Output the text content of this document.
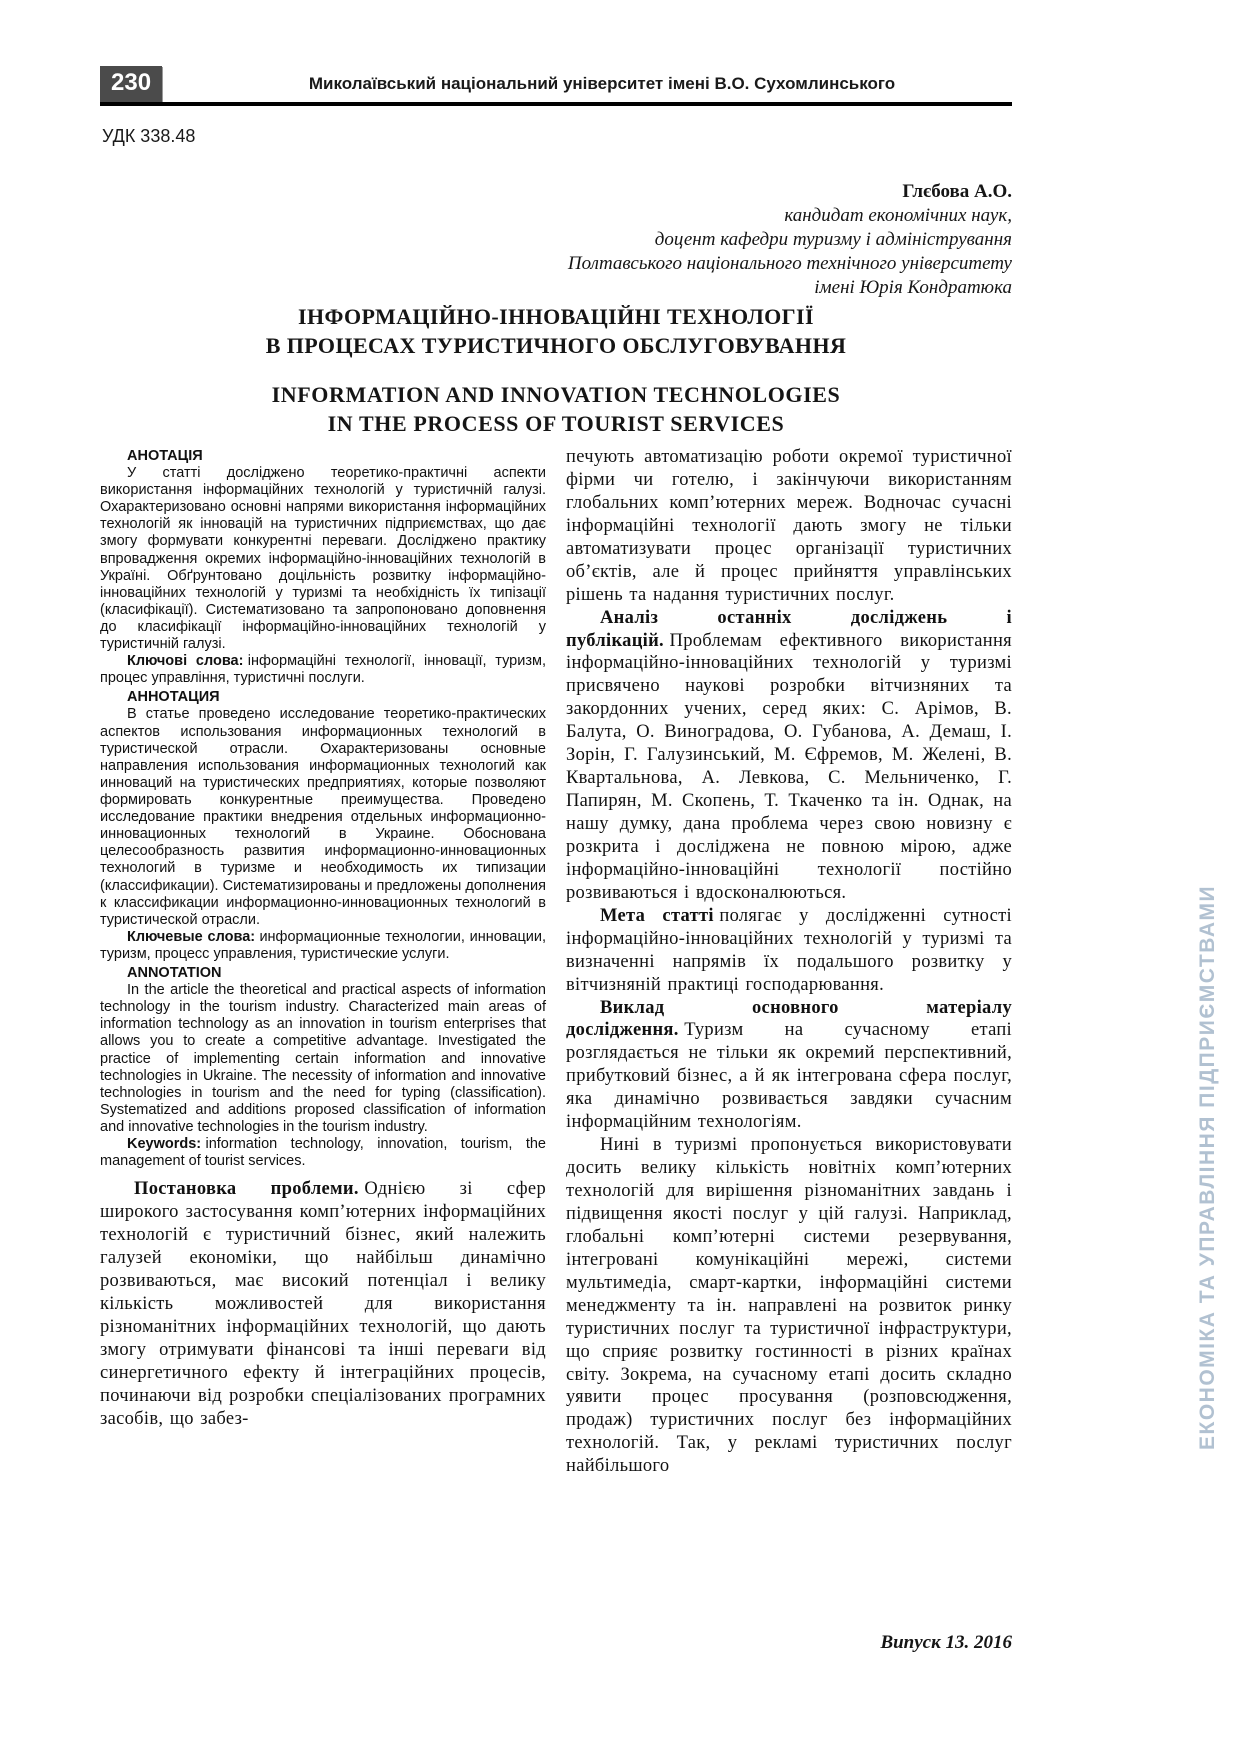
230	Миколаївський національний університет імені В.О. Сухомлинського
УДК 338.48
Глєбова А.О.
кандидат економічних наук,
доцент кафедри туризму і адміністрування
Полтавського національного технічного університету
імені Юрія Кондратюка
ІНФОРМАЦІЙНО-ІННОВАЦІЙНІ ТЕХНОЛОГІЇ
В ПРОЦЕСАХ ТУРИСТИЧНОГО ОБСЛУГОВУВАННЯ
INFORMATION AND INNOVATION TECHNOLOGIES
IN THE PROCESS OF TOURIST SERVICES
АНОТАЦІЯ

У статті досліджено теоретико-практичні аспекти використання інформаційних технологій у туристичній галузі. Охарактеризовано основні напрями використання інформаційних технологій як інновацій на туристичних підприємствах, що дає змогу формувати конкурентні переваги. Досліджено практику впровадження окремих інформаційно-інноваційних технологій в Україні. Обґрунтовано доцільність розвитку інформаційно-інноваційних технологій у туризмі та необхідність їх типізації (класифікації). Систематизовано та запропоновано доповнення до класифікації інформаційно-інноваційних технологій у туристичній галузі.

Ключові слова: інформаційні технології, інновації, туризм, процес управління, туристичні послуги.

АННОТАЦИЯ

В статье проведено исследование теоретико-практических аспектов использования информационных технологий в туристической отрасли. Охарактеризованы основные направления использования информационных технологий как инноваций на туристических предприятиях, которые позволяют формировать конкурентные преимущества. Проведено исследование практики внедрения отдельных информационно-инновационных технологий в Украине. Обоснована целесообразность развития информационно-инновационных технологий в туризме и необходимость их типизации (классификации). Систематизированы и предложены дополнения к классификации информационно-инновационных технологий в туристической отрасли.

Ключевые слова: информационные технологии, инновации, туризм, процесс управления, туристические услуги.

ANNOTATION

In the article the theoretical and practical aspects of information technology in the tourism industry. Characterized main areas of information technology as an innovation in tourism enterprises that allows you to create a competitive advantage. Investigated the practice of implementing certain information and innovative technologies in Ukraine. The necessity of information and innovative technologies in tourism and the need for typing (classification). Systematized and additions proposed classification of information and innovative technologies in the tourism industry.

Keywords: information technology, innovation, tourism, the management of tourist services.

Постановка проблеми. Однією зі сфер широкого застосування комп’ютерних інформаційних технологій є туристичний бізнес, який належить галузей економіки, що найбільш динамічно розвиваються, має високий потенціал і велику кількість можливостей для використання різноманітних інформаційних технологій, що дають змогу отримувати фінансові та інші переваги від синергетичного ефекту й інтеграційних процесів, починаючи від розробки спеціалізованих програмних засобів, що забез-

печують автоматизацію роботи окремої туристичної фірми чи готелю, і закінчуючи використанням глобальних комп’ютерних мереж. Водночас сучасні інформаційні технології дають змогу не тільки автоматизувати процес організації туристичних об’єктів, але й процес прийняття управлінських рішень та надання туристичних послуг.

Аналіз останніх досліджень і публікацій. Проблемам ефективного використання інформаційно-інноваційних технологій у туризмі присвячено наукові розробки вітчизняних та закордонних учених, серед яких: С. Арімов, В. Балута, О. Виноградова, О. Губанова, А. Демаш, І. Зорін, Г. Галузинський, М. Єфремов, М. Желені, В. Квартальнова, А. Левкова, С. Мельниченко, Г. Папирян, М. Скопень, Т. Ткаченко та ін. Однак, на нашу думку, дана проблема через свою новизну є розкрита і досліджена не повною мірою, адже інформаційно-інноваційні технології постійно розвиваються і вдосконалюються.

Мета статті полягає у дослідженні сутності інформаційно-інноваційних технологій у туризмі та визначенні напрямів їх подальшого розвитку у вітчизняній практиці господарювання.

Виклад основного матеріалу дослідження. Туризм на сучасному етапі розглядається не тільки як окремий перспективний, прибутковий бізнес, а й як інтегрована сфера послуг, яка динамічно розвивається завдяки сучасним інформаційним технологіям.

Нині в туризмі пропонується використовувати досить велику кількість новітніх комп’ютерних технологій для вирішення різноманітних завдань і підвищення якості послуг у цій галузі. Наприклад, глобальні комп’ютерні системи резервування, інтегровані комунікаційні мережі, системи мультимедіа, смарт-картки, інформаційні системи менеджменту та ін. направлені на розвиток ринку туристичних послуг та туристичної інфраструктури, що сприяє розвитку гостинності в різних країнах світу. Зокрема, на сучасному етапі досить складно уявити процес просування (розповсюдження, продаж) туристичних послуг без інформаційних технологій. Так, у рекламі туристичних послуг найбільшого

ЕКОНОМІКА ТА УПРАВЛІННЯ ПІДПРИЄМСТВАМИ
Випуск 13. 2016
